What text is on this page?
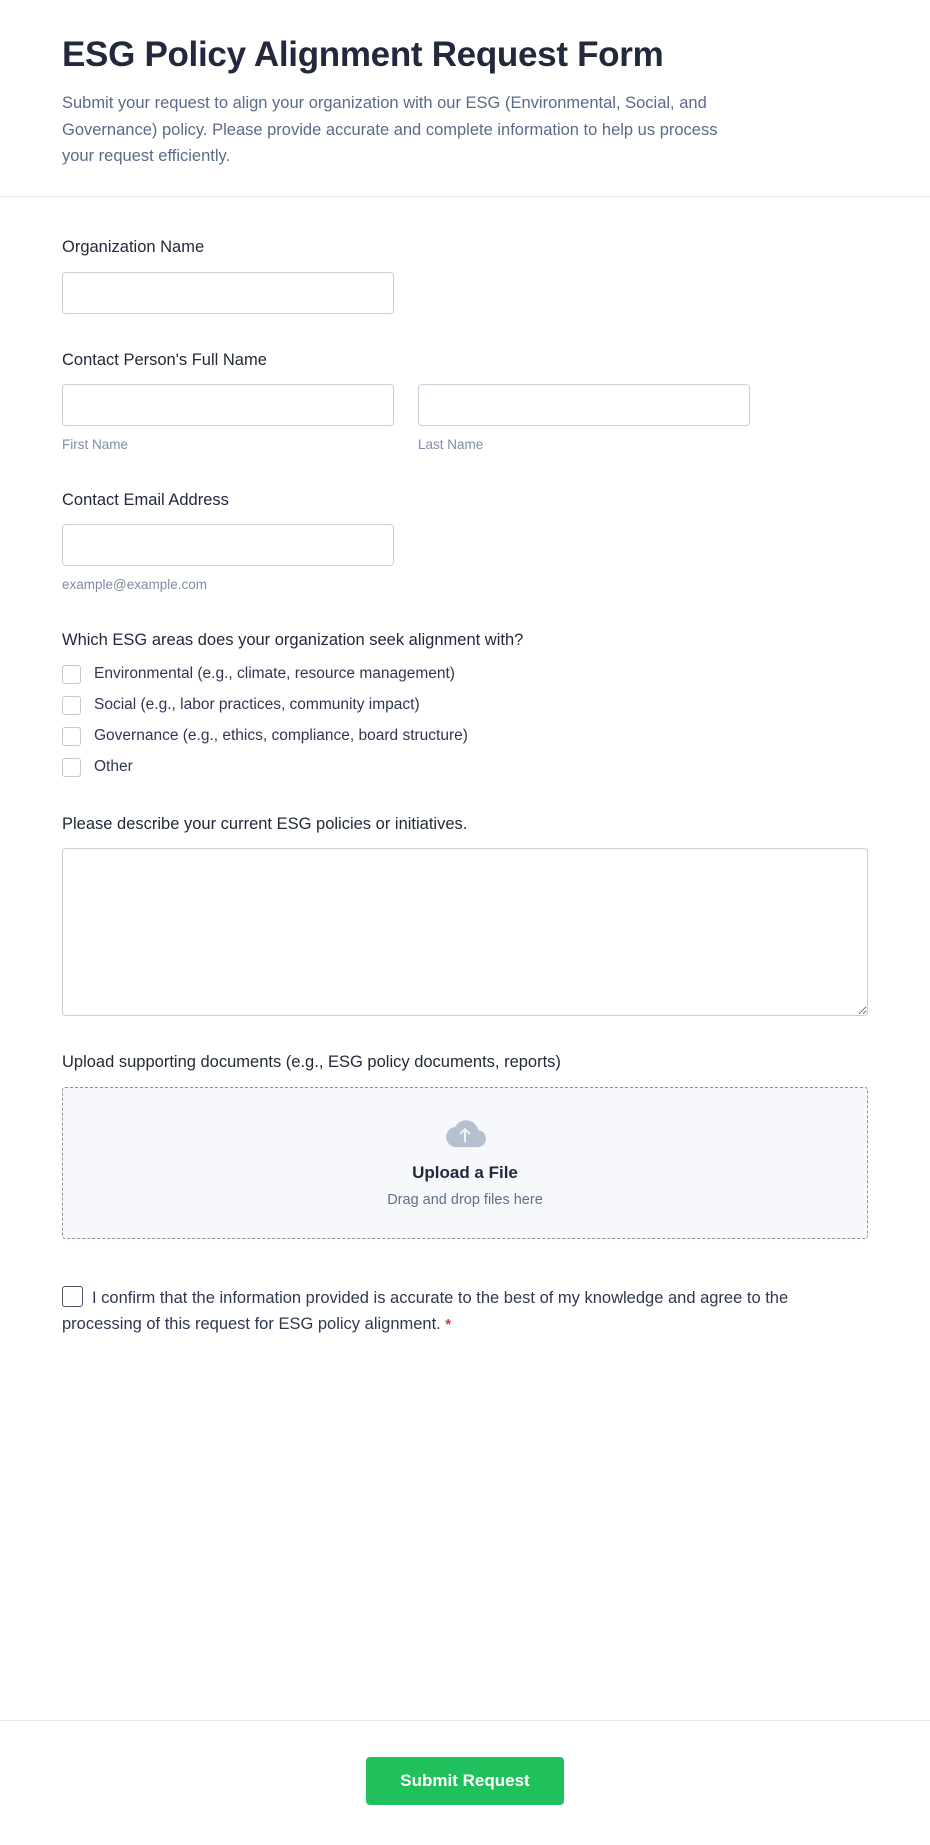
ESG Policy Alignment Request Form

Submit your request to align your organization with our ESG (Environmental, Social, and Governance) policy. Please provide accurate and complete information to help us process your request efficiently.

Organization Name
Contact Person's Full Name
First Name	Last Name
Contact Email Address
example@example.com
Which ESG areas does your organization seek alignment with?
Environmental (e.g., climate, resource management)
Social (e.g., labor practices, community impact)
Governance (e.g., ethics, compliance, board structure)
Other
Please describe your current ESG policies or initiatives.
Upload supporting documents (e.g., ESG policy documents, reports)
Upload a File
Drag and drop files here
I confirm that the information provided is accurate to the best of my knowledge and agree to the processing of this request for ESG policy alignment. *
Submit Request
